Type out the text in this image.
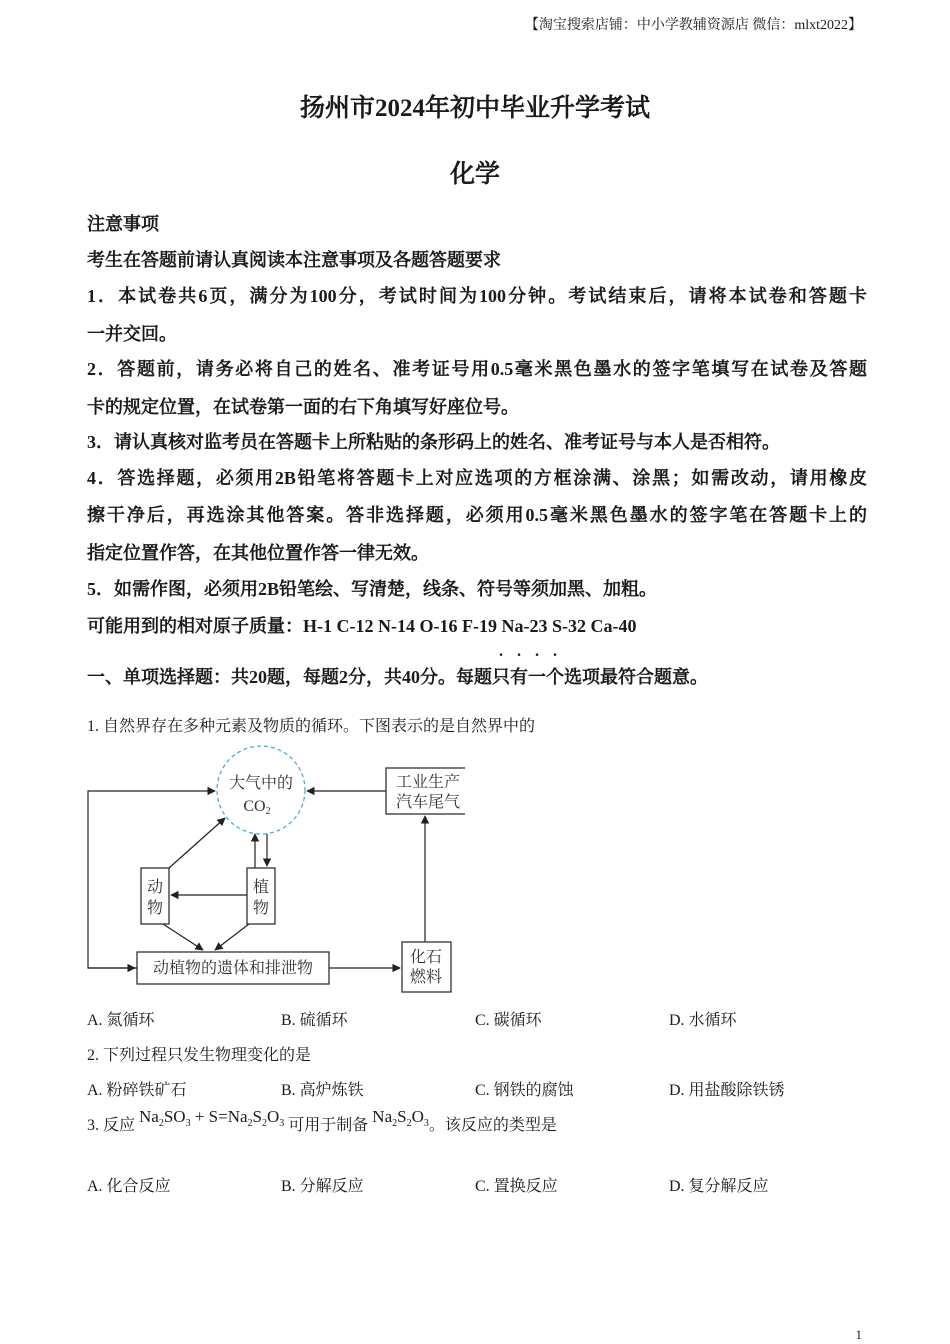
【淘宝搜索店铺：中小学教辅资源店 微信：mlxt2022】
扬州市2024年初中毕业升学考试
化学
注意事项
考生在答题前请认真阅读本注意事项及各题答题要求
1．本试卷共6页，满分为100分，考试时间为100分钟。考试结束后，请将本试卷和答题卡
一并交回。
2．答题前，请务必将自己的姓名、准考证号用0.5毫米黑色墨水的签字笔填写在试卷及答题
卡的规定位置，在试卷第一面的右下角填写好座位号。
3．请认真核对监考员在答题卡上所粘贴的条形码上的姓名、准考证号与本人是否相符。
4．答选择题，必须用2B铅笔将答题卡上对应选项的方框涂满、涂黑；如需改动，请用橡皮
擦干净后，再选涂其他答案。答非选择题，必须用0.5毫米黑色墨水的签字笔在答题卡上的
指定位置作答，在其他位置作答一律无效。
5．如需作图，必须用2B铅笔绘、写清楚，线条、符号等须加黑、加粗。
可能用到的相对原子质量：H-1 C-12 N-14 O-16 F-19 Na-23 S-32 Ca-40
一、单项选择题：共20题，每题2分，共40分。每题只有一个选项最符合题意。
1. 自然界存在多种元素及物质的循环。下图表示的是自然界中的
大气中的
CO2
工业生产
汽车尾气
动
物
植
物
动植物的遗体和排泄物
化石
燃料
A. 氮循环	B. 硫循环	C. 碳循环	D. 水循环
2. 下列过程只发生物理变化的是
A. 粉碎铁矿石	B. 高炉炼铁	C. 钢铁的腐蚀	D. 用盐酸除铁锈
3. 反应 $Na_2SO_3 + S=Na_2S_2O_3$ 可用于制备 $Na_2S_2O_3$。该反应的类型是
A. 化合反应	B. 分解反应	C. 置换反应	D. 复分解反应
1
